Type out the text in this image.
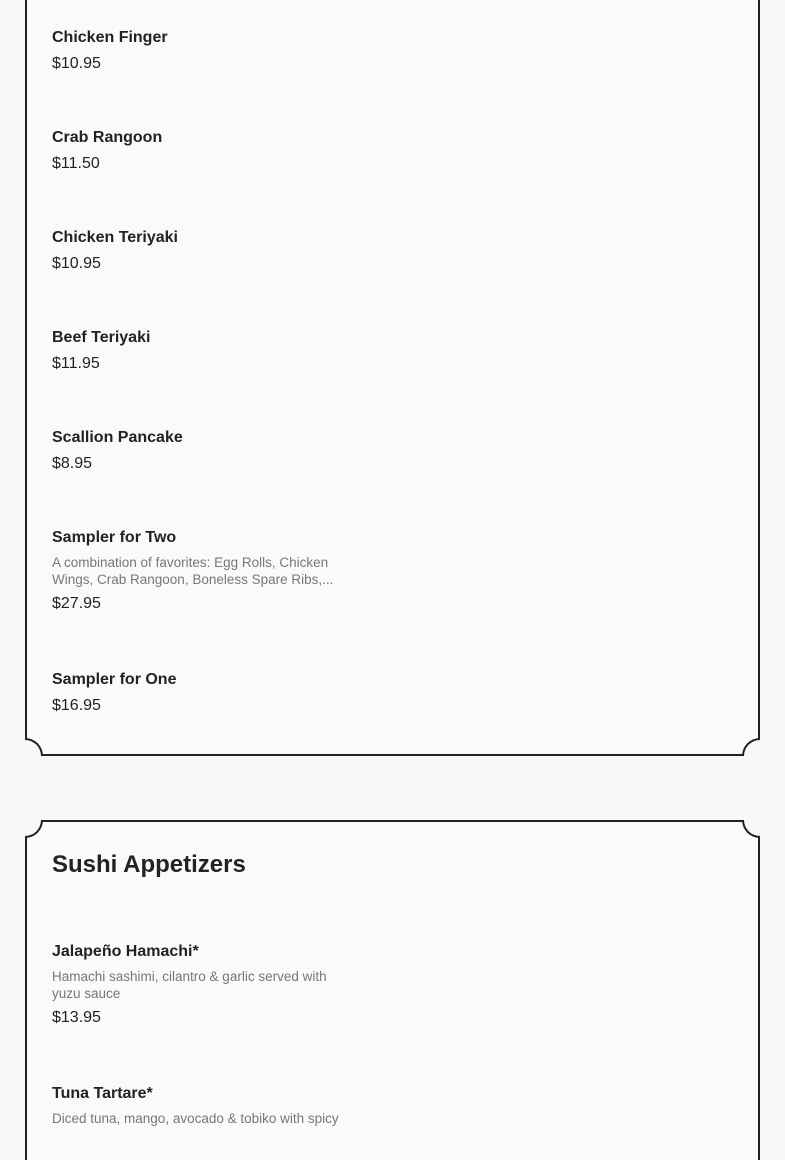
Chicken Finger
$10.95
Crab Rangoon
$11.50
Chicken Teriyaki
$10.95
Beef Teriyaki
$11.95
Scallion Pancake
$8.95
Sampler for Two
A combination of favorites: Egg Rolls, Chicken Wings, Crab Rangoon, Boneless Spare Ribs,...
$27.95
Sampler for One
$16.95
Sushi Appetizers
Jalapeño Hamachi*
Hamachi sashimi, cilantro & garlic served with yuzu sauce
$13.95
Tuna Tartare*
Diced tuna, mango, avocado & tobiko with spicy
